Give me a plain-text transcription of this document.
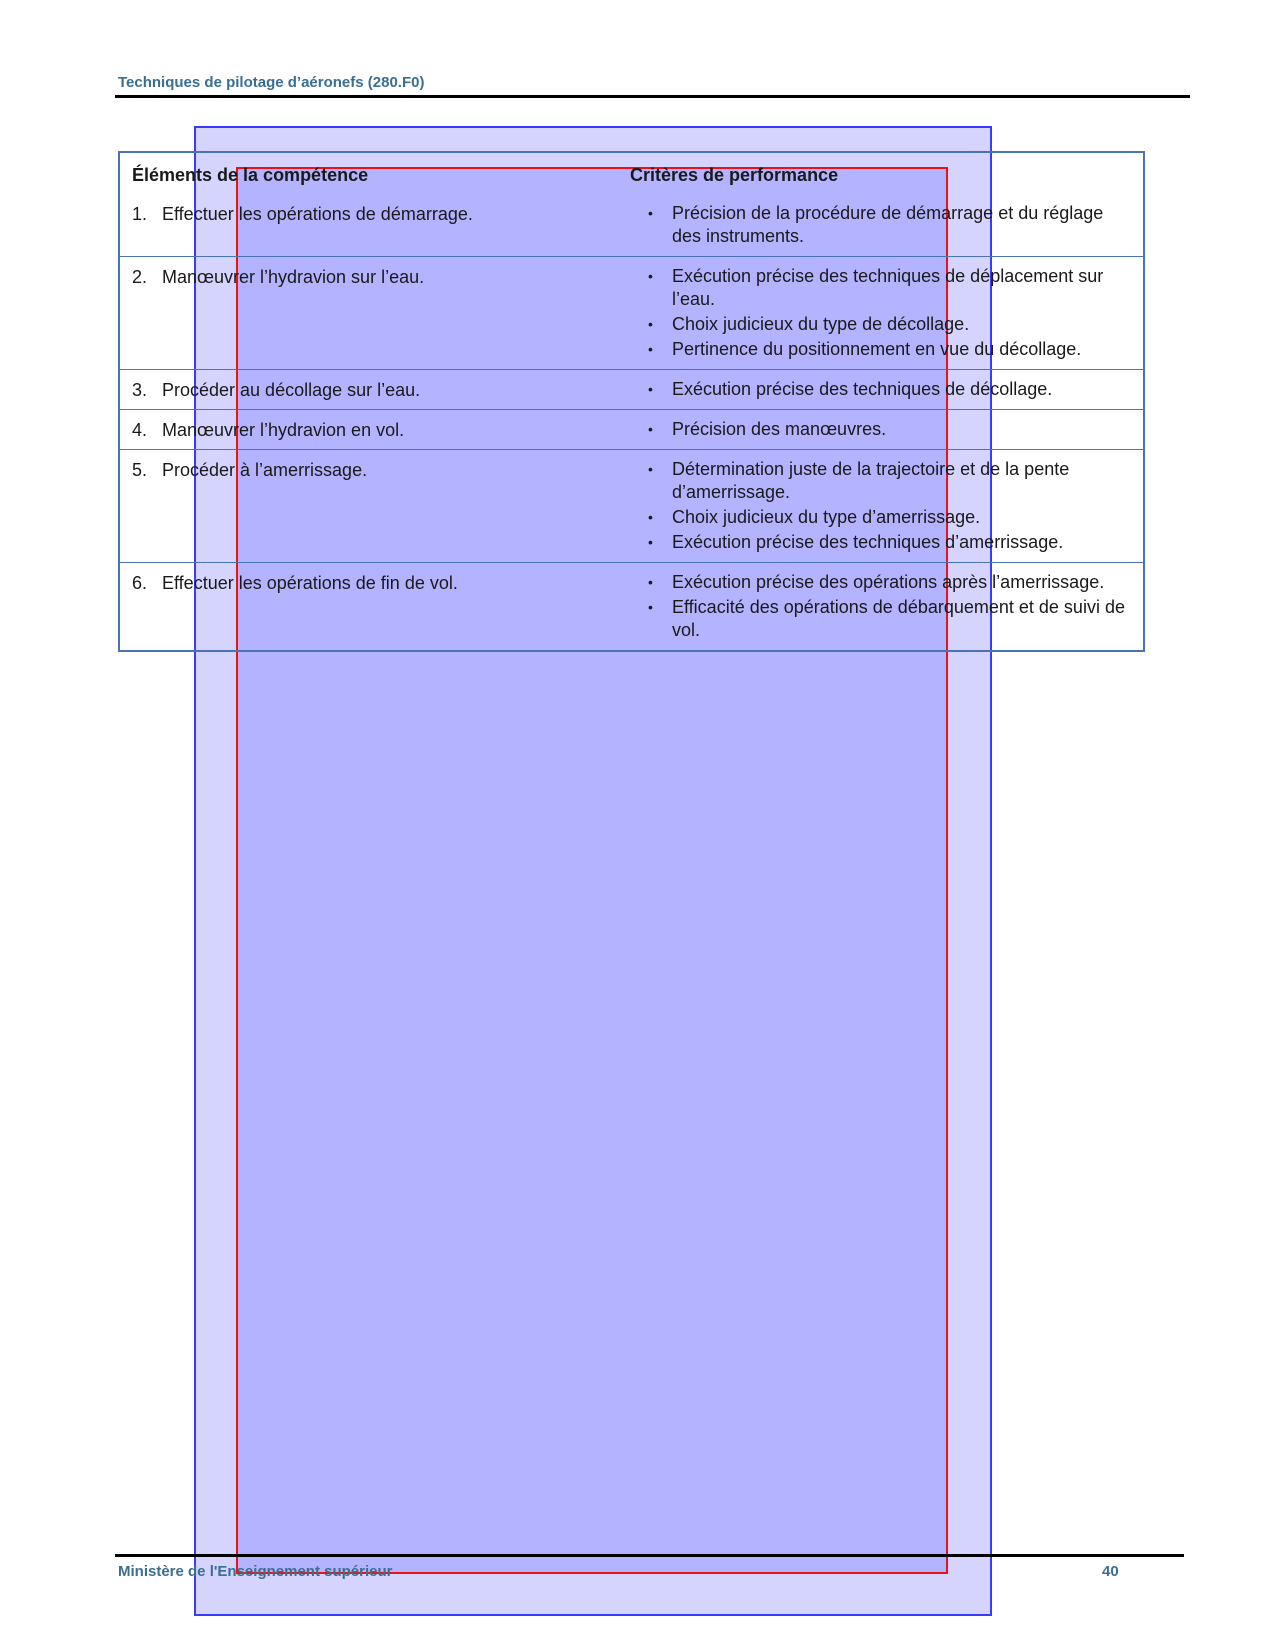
Techniques de pilotage d’aéronefs (280.F0)
Éléments de la compétence	Critères de performance
1. Effectuer les opérations de démarrage.	•	Précision de la procédure de démarrage et du réglage des instruments.
2. Manœuvrer l’hydravion sur l’eau.	•	Exécution précise des techniques de déplacement sur l’eau.
•	Choix judicieux du type de décollage.
•	Pertinence du positionnement en vue du décollage.
3. Procéder au décollage sur l’eau.	•	Exécution précise des techniques de décollage.
4. Manœuvrer l’hydravion en vol.	•	Précision des manœuvres.
5. Procéder à l’amerrissage.	•	Détermination juste de la trajectoire et de la pente d’amerrissage.
•	Choix judicieux du type d’amerrissage.
•	Exécution précise des techniques d’amerrissage.
6. Effectuer les opérations de fin de vol.	•	Exécution précise des opérations après l’amerrissage.
•	Efficacité des opérations de débarquement et de suivi de vol.
Ministère de l'Enseignement supérieur	40
